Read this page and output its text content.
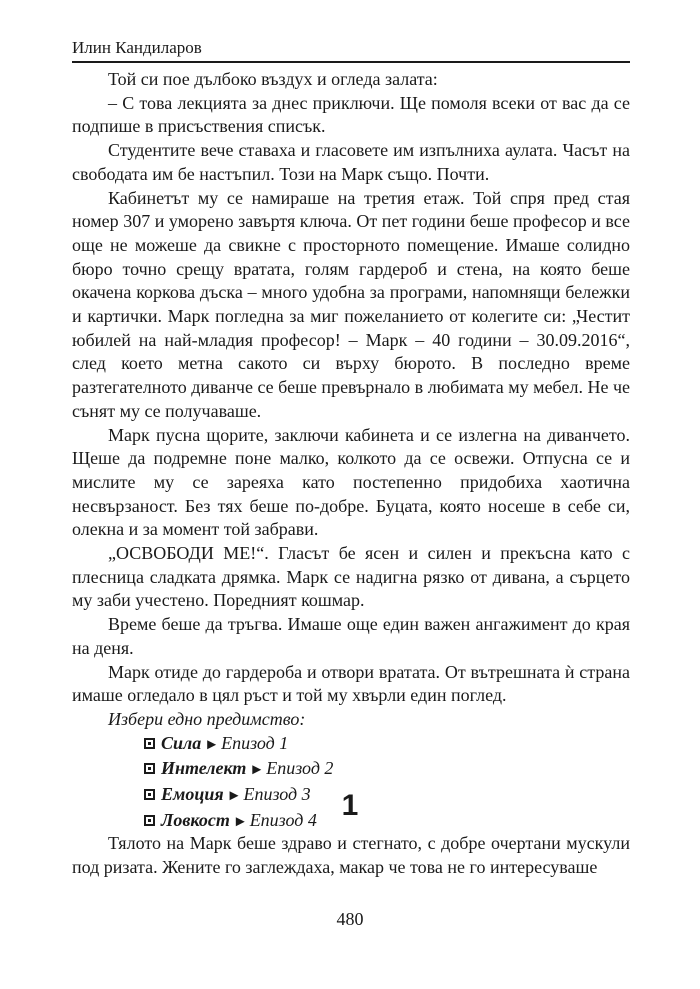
Илин Кандиларов

Той си пое дълбоко въздух и огледа залата:

– С това лекцията за днес приключи. Ще помоля всеки от вас да се подпише в присъствения списък.

Студентите вече ставаха и гласовете им изпълниха аулата. Часът на свободата им бе настъпил. Този на Марк също. Почти.

Кабинетът му се намираше на третия етаж. Той спря пред стая номер 307 и уморено завъртя ключа. От пет години беше професор и все още не можеше да свикне с просторното помещение. Имаше солидно бюро точно срещу вратата, голям гардероб и стена, на която беше окачена коркова дъска – много удобна за програми, напомнящи бележки и картички. Марк погледна за миг пожеланието от колегите си: „Честит юбилей на най-младия професор! – Марк – 40 години – 30.09.2016“, след което метна сакото си върху бюрото. В последно време разтегателното диванче се беше превърнало в любимата му мебел. Не че сънят му се получаваше.

Марк пусна щорите, заключи кабинета и се излегна на диванчето. Щеше да подремне поне малко, колкото да се освежи. Отпусна се и мислите му се зареяха като постепенно придобиха хаотична несвързаност. Без тях беше по-добре. Буцата, която носеше в себе си, олекна и за момент той забрави.

„ОСВОБОДИ МЕ!“. Гласът бе ясен и силен и прекъсна като с плесница сладката дрямка. Марк се надигна рязко от дивана, а сърцето му заби учестено. Поредният кошмар.

Време беше да тръгва. Имаше още един важен ангажимент до края на деня.

Марк отиде до гардероба и отвори вратата. От вътрешната ѝ страна имаше огледало в цял ръст и той му хвърли един поглед.

Избери едно предимство:

Сила ► Епизод 1

Интелект ► Епизод 2

Емоция ► Епизод 3

Ловкост ► Епизод 4 1

Тялото на Марк беше здраво и стегнато, с добре очертани мускули под ризата. Жените го заглеждаха, макар че това не го интересуваше

480
